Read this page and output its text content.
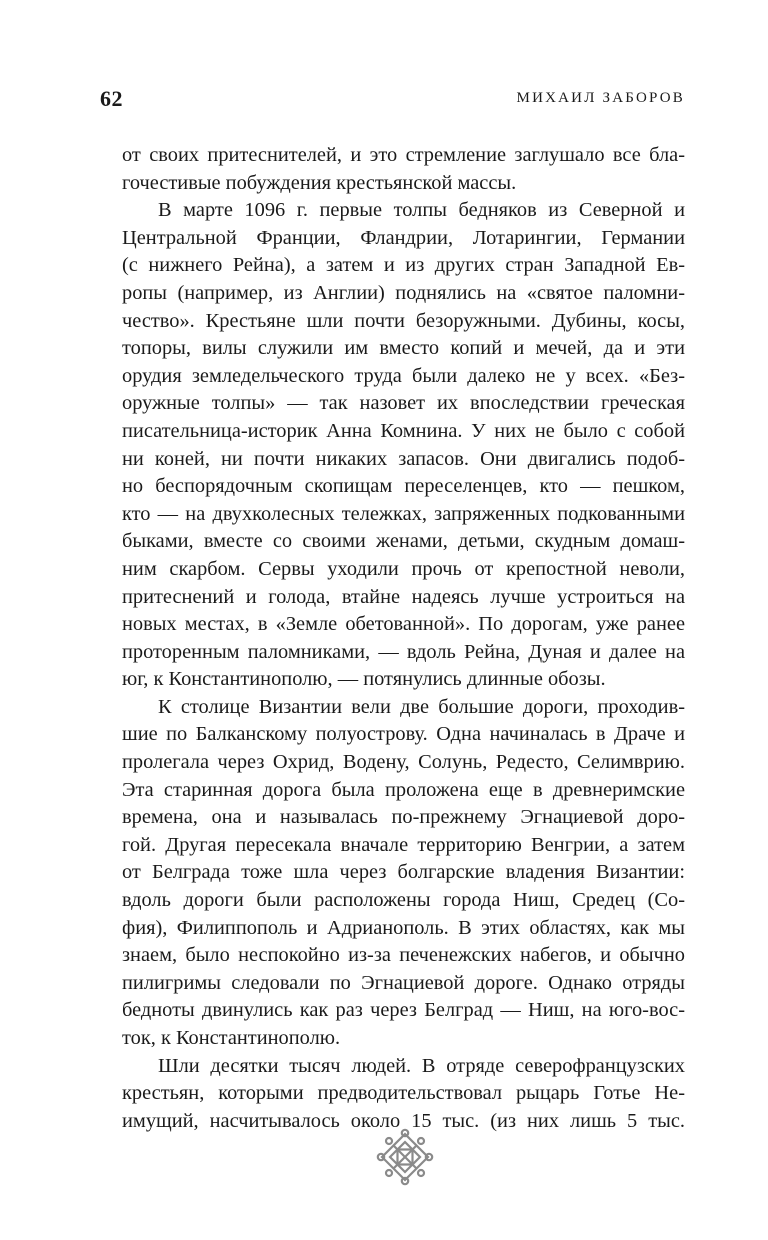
62	МИХАИЛ ЗАБОРОВ
от своих притеснителей, и это стремление заглушало все бла-
гочестивые побуждения крестьянской массы.
В марте 1096 г. первые толпы бедняков из Северной и
Центральной Франции, Фландрии, Лотарингии, Германии
(с нижнего Рейна), а затем и из других стран Западной Ев-
ропы (например, из Англии) поднялись на «святое паломни-
чество». Крестьяне шли почти безоружными. Дубины, косы,
топоры, вилы служили им вместо копий и мечей, да и эти
орудия земледельческого труда были далеко не у всех. «Без-
оружные толпы» — так назовет их впоследствии греческая
писательница-историк Анна Комнина. У них не было с собой
ни коней, ни почти никаких запасов. Они двигались подоб-
но беспорядочным скопищам переселенцев, кто — пешком,
кто — на двухколесных тележках, запряженных подкованными
быками, вместе со своими женами, детьми, скудным домаш-
ним скарбом. Сервы уходили прочь от крепостной неволи,
притеснений и голода, втайне надеясь лучше устроиться на
новых местах, в «Земле обетованной». По дорогам, уже ранее
проторенным паломниками, — вдоль Рейна, Дуная и далее на
юг, к Константинополю, — потянулись длинные обозы.
К столице Византии вели две большие дороги, проходив-
шие по Балканскому полуострову. Одна начиналась в Драче и
пролегала через Охрид, Водену, Солунь, Редесто, Селимврию.
Эта старинная дорога была проложена еще в древнеримские
времена, она и называлась по-прежнему Эгнациевой доро-
гой. Другая пересекала вначале территорию Венгрии, а затем
от Белграда тоже шла через болгарские владения Византии:
вдоль дороги были расположены города Ниш, Средец (Со-
фия), Филиппополь и Адрианополь. В этих областях, как мы
знаем, было неспокойно из-за печенежских набегов, и обычно
пилигримы следовали по Эгнациевой дороге. Однако отряды
бедноты двинулись как раз через Белград — Ниш, на юго-вос-
ток, к Константинополю.
Шли десятки тысяч людей. В отряде северофранцузских
крестьян, которыми предводительствовал рыцарь Готье Не-
имущий, насчитывалось около 15 тыс. (из них лишь 5 тыс.
